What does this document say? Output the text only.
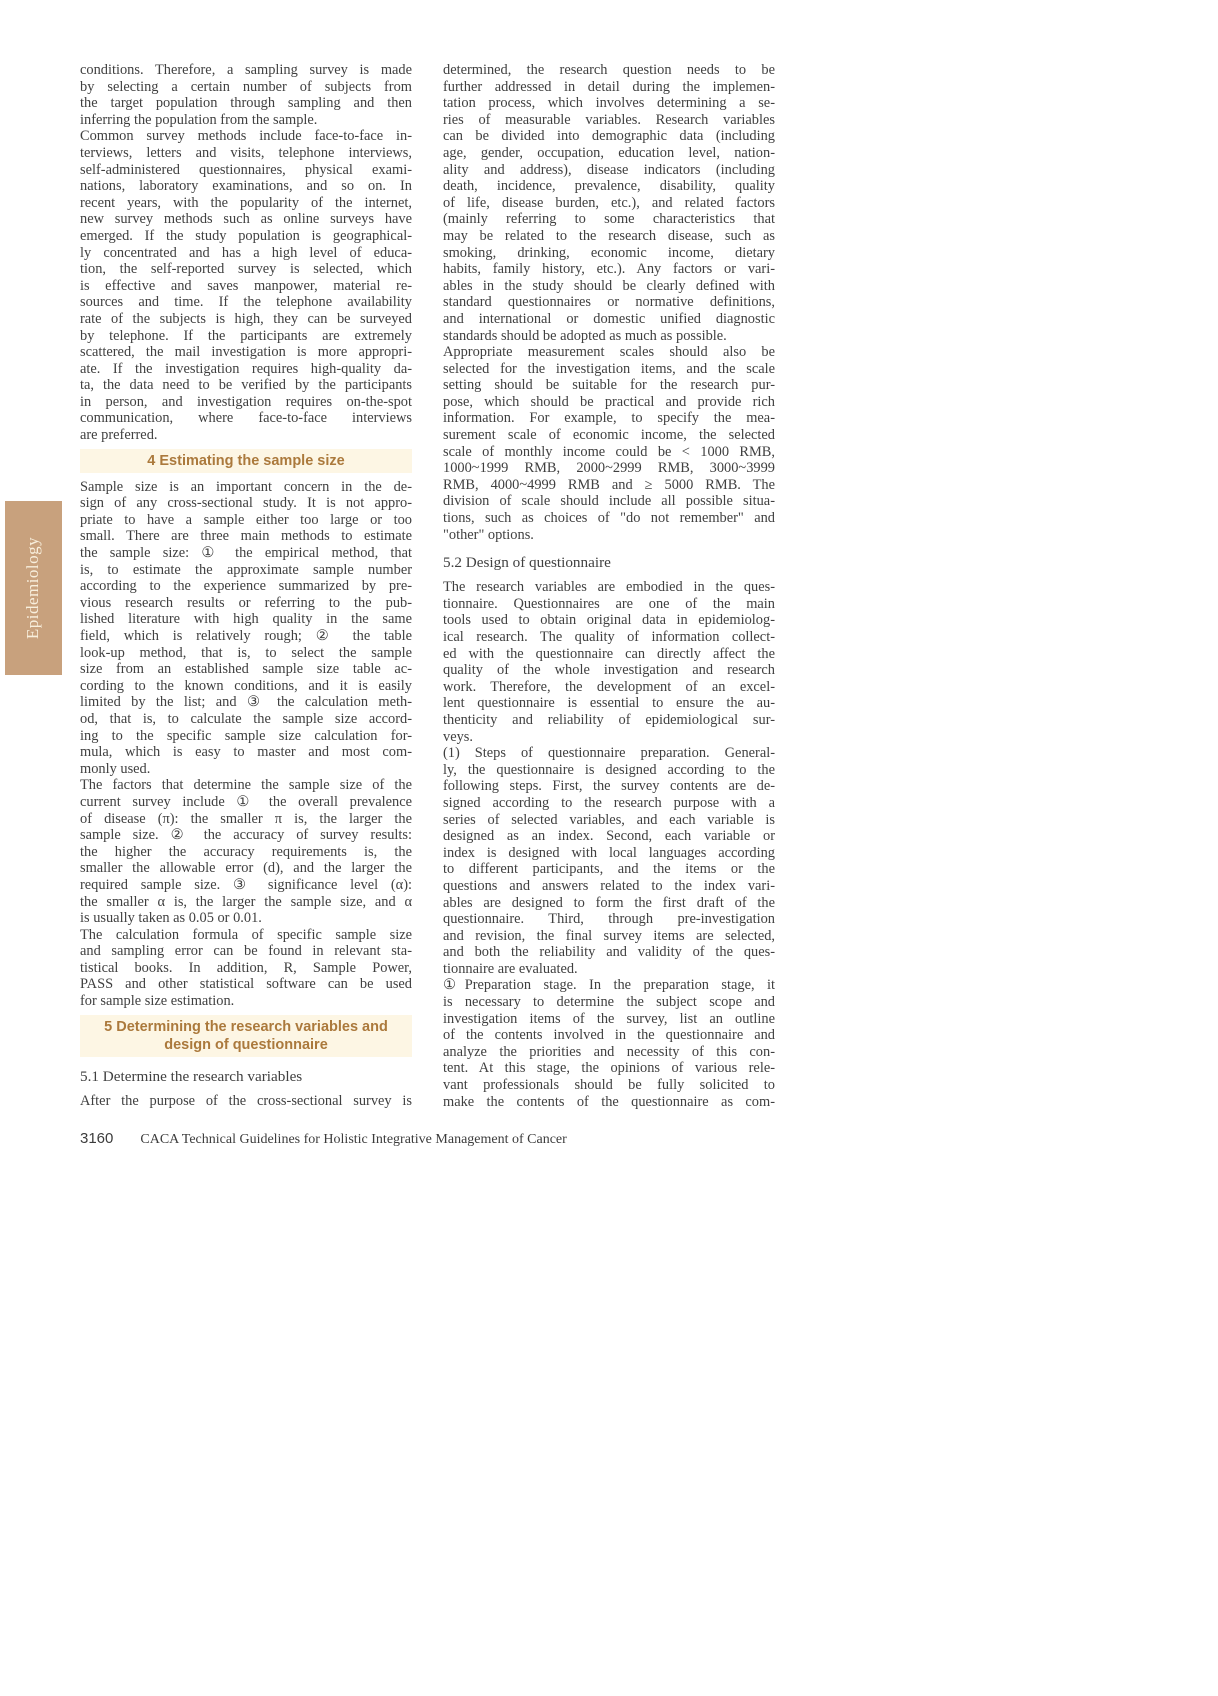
Epidemiology
conditions. Therefore, a sampling survey is made
by selecting a certain number of subjects from
the target population through sampling and then
inferring the population from the sample.
Common survey methods include face-to-face in-
terviews, letters and visits, telephone interviews,
self-administered questionnaires, physical exami-
nations, laboratory examinations, and so on. In
recent years, with the popularity of the internet,
new survey methods such as online surveys have
emerged. If the study population is geographical-
ly concentrated and has a high level of educa-
tion, the self-reported survey is selected, which
is effective and saves manpower, material re-
sources and time. If the telephone availability
rate of the subjects is high, they can be surveyed
by telephone. If the participants are extremely
scattered, the mail investigation is more appropri-
ate. If the investigation requires high-quality da-
ta, the data need to be verified by the participants
in person, and investigation requires on-the-spot
communication, where face-to-face interviews
are preferred.
4 Estimating the sample size
Sample size is an important concern in the de-
sign of any cross-sectional study. It is not appro-
priate to have a sample either too large or too
small. There are three main methods to estimate
the sample size: ① the empirical method, that
is, to estimate the approximate sample number
according to the experience summarized by pre-
vious research results or referring to the pub-
lished literature with high quality in the same
field, which is relatively rough; ② the table
look-up method, that is, to select the sample
size from an established sample size table ac-
cording to the known conditions, and it is easily
limited by the list; and ③ the calculation meth-
od, that is, to calculate the sample size accord-
ing to the specific sample size calculation for-
mula, which is easy to master and most com-
monly used.
The factors that determine the sample size of the
current survey include ① the overall prevalence
of disease (π): the smaller π is, the larger the
sample size. ② the accuracy of survey results:
the higher the accuracy requirements is, the
smaller the allowable error (d), and the larger the
required sample size. ③ significance level (α):
the smaller α is, the larger the sample size, and α
is usually taken as 0.05 or 0.01.
The calculation formula of specific sample size
and sampling error can be found in relevant sta-
tistical books. In addition, R, Sample Power,
PASS and other statistical software can be used
for sample size estimation.
5 Determining the research variables and
design of questionnaire
5.1 Determine the research variables
After the purpose of the cross-sectional survey is
determined, the research question needs to be
further addressed in detail during the implemen-
tation process, which involves determining a se-
ries of measurable variables. Research variables
can be divided into demographic data (including
age, gender, occupation, education level, nation-
ality and address), disease indicators (including
death, incidence, prevalence, disability, quality
of life, disease burden, etc.), and related factors
(mainly referring to some characteristics that
may be related to the research disease, such as
smoking, drinking, economic income, dietary
habits, family history, etc.). Any factors or vari-
ables in the study should be clearly defined with
standard questionnaires or normative definitions,
and international or domestic unified diagnostic
standards should be adopted as much as possible.
Appropriate measurement scales should also be
selected for the investigation items, and the scale
setting should be suitable for the research pur-
pose, which should be practical and provide rich
information. For example, to specify the mea-
surement scale of economic income, the selected
scale of monthly income could be < 1000 RMB,
1000~1999 RMB, 2000~2999 RMB, 3000~3999
RMB, 4000~4999 RMB and ≥ 5000 RMB. The
division of scale should include all possible situa-
tions, such as choices of "do not remember" and
"other" options.
5.2 Design of questionnaire
The research variables are embodied in the ques-
tionnaire. Questionnaires are one of the main
tools used to obtain original data in epidemiolog-
ical research. The quality of information collect-
ed with the questionnaire can directly affect the
quality of the whole investigation and research
work. Therefore, the development of an excel-
lent questionnaire is essential to ensure the au-
thenticity and reliability of epidemiological sur-
veys.
(1) Steps of questionnaire preparation. General-
ly, the questionnaire is designed according to the
following steps. First, the survey contents are de-
signed according to the research purpose with a
series of selected variables, and each variable is
designed as an index. Second, each variable or
index is designed with local languages according
to different participants, and the items or the
questions and answers related to the index vari-
ables are designed to form the first draft of the
questionnaire. Third, through pre-investigation
and revision, the final survey items are selected,
and both the reliability and validity of the ques-
tionnaire are evaluated.
①Preparation stage. In the preparation stage, it
is necessary to determine the subject scope and
investigation items of the survey, list an outline
of the contents involved in the questionnaire and
analyze the priorities and necessity of this con-
tent. At this stage, the opinions of various rele-
vant professionals should be fully solicited to
make the contents of the questionnaire as com-
3160 CACA Technical Guidelines for Holistic Integrative Management of Cancer
